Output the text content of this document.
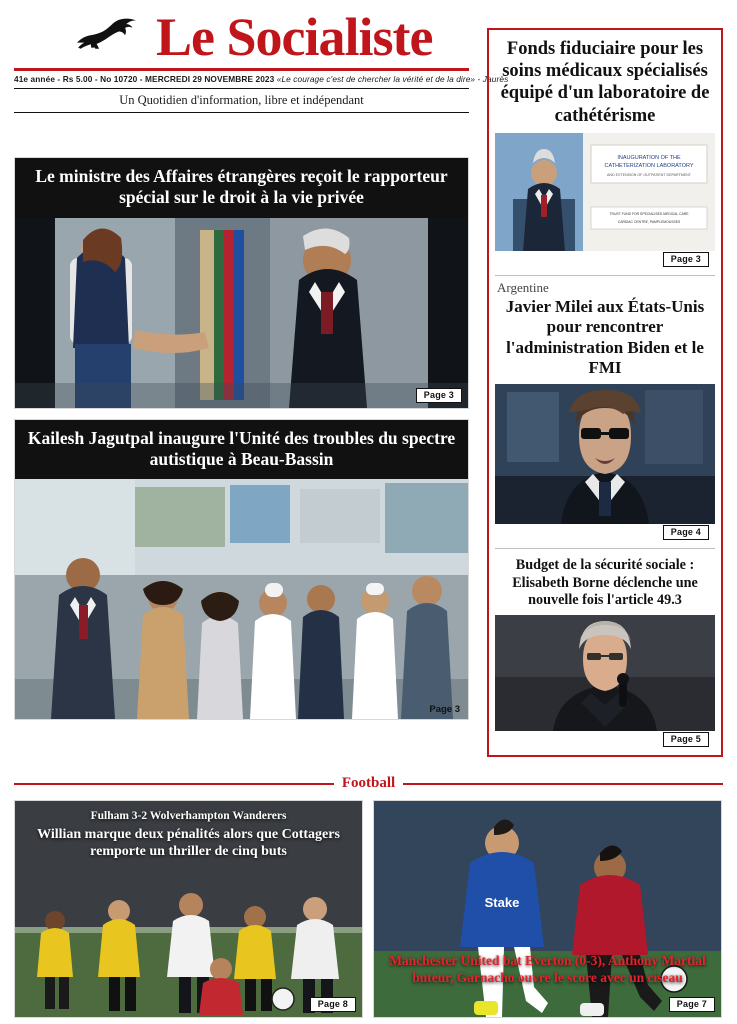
Le Socialiste
41e année - Rs 5.00 - No 10720 - MERCREDI 29 NOVEMBRE 2023 «Le courage c'est de chercher la vérité et de la dire» - Jaurès
Un Quotidien d'information, libre et indépendant
Le ministre des Affaires étrangères reçoit le rapporteur spécial sur le droit à la vie privée
Page 3
Kailesh Jagutpal inaugure l'Unité des troubles du spectre autistique à Beau-Bassin
Page 3
Fonds fiduciaire pour les soins médicaux spécialisés équipé d'un laboratoire de cathétérisme
INAUGURATION OF THE
CATHETERIZATION LABORATORY
AND EXTENSION OF OUTPATIENT DEPARTMENT
TRUST FUND FOR SPECIALISED MEDICAL CARE
CARDIAC CENTRE, PAMPLEMOUSSES
Page 3
Argentine
Javier Milei aux États-Unis pour rencontrer l'administration Biden et le FMI
Page 4
Budget de la sécurité sociale : Elisabeth Borne déclenche une nouvelle fois l'article 49.3
Page 5
Football
Fulham 3-2 Wolverhampton Wanderers
Willian marque deux pénalités alors que Cottagers remporte un thriller de cinq buts
Page 8
Stake
Manchester United bat Everton (0-3), Anthony Martial buteur, Garnacho ouvre le score avec un ciseau
Page 7
